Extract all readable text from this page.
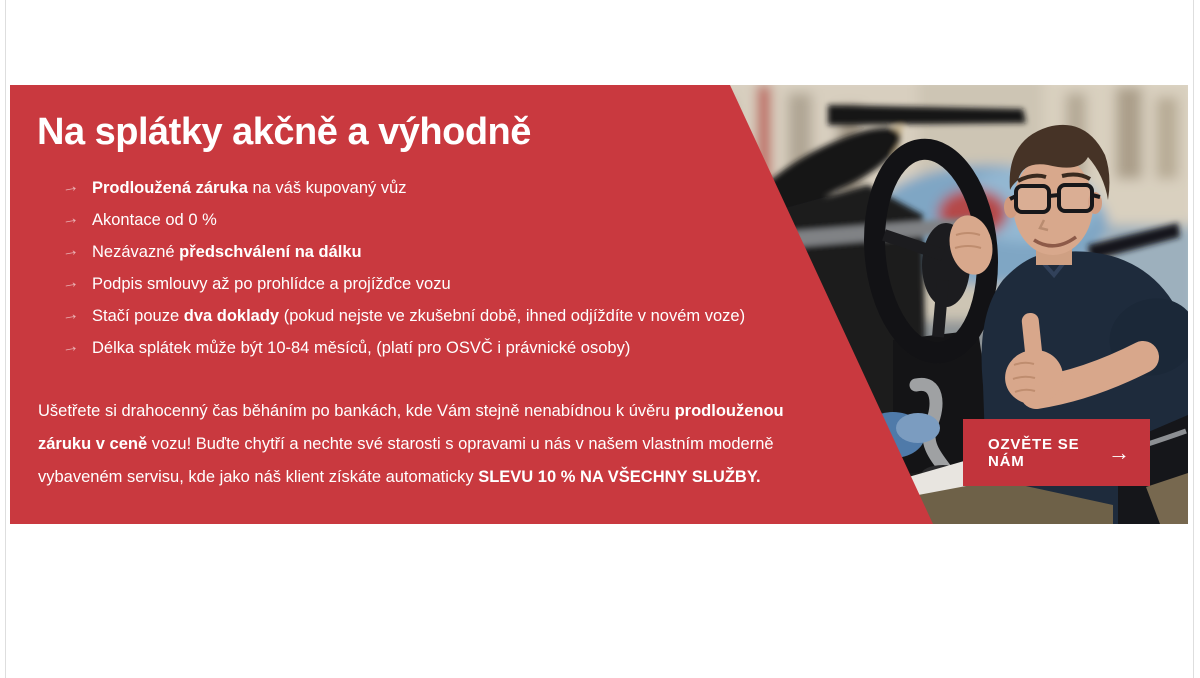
Na splátky akčně a výhodně
→ Prodloužená záruka na váš kupovaný vůz
→ Akontace od 0 %
→ Nezávazné předschválení na dálku
→ Podpis smlouvy až po prohlídce a projížďce vozu
→ Stačí pouze dva doklady (pokud nejste ve zkušební době, ihned odjíždíte v novém voze)
→ Délka splátek může být 10-84 měsíců, (platí pro OSVČ i právnické osoby)
Ušetřete si drahocenný čas běháním po bankách, kde Vám stejně nenabídnou k úvěru prodlouženou
záruku v ceně vozu! Buďte chytří a nechte své starosti s opravami u nás v našem vlastním moderně
vybaveném servisu, kde jako náš klient získáte automaticky SLEVU 10 % NA VŠECHNY SLUŽBY.
OZVĚTE SE NÁM	→
